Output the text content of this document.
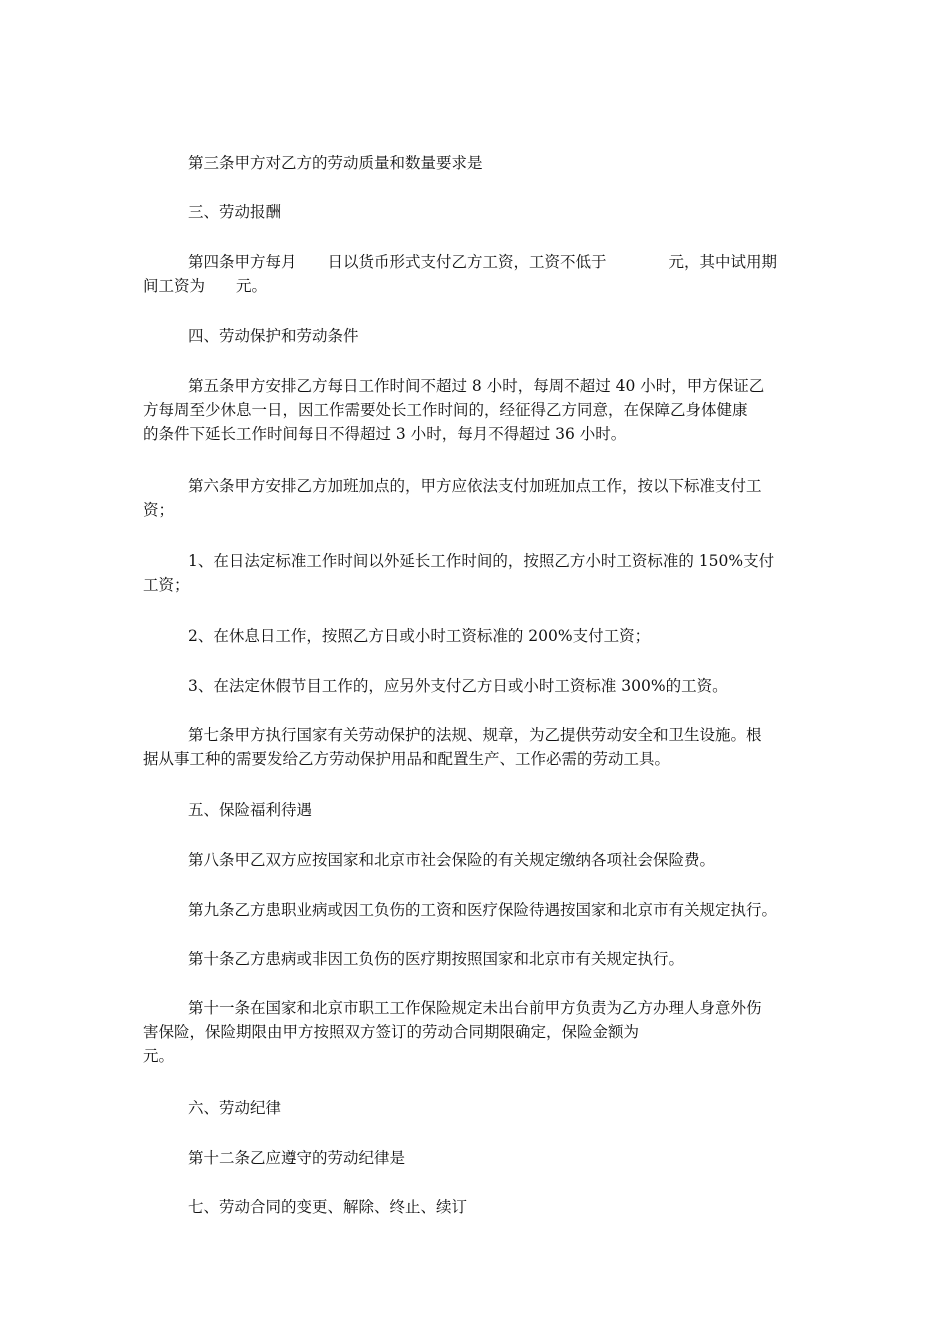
第三条甲方对乙方的劳动质量和数量要求是
三、劳动报酬
第四条甲方每月　　日以货币形式支付乙方工资，工资不低于　　　　元，其中试用期
间工资为　　元。
四、劳动保护和劳动条件
第五条甲方安排乙方每日工作时间不超过 8 小时，每周不超过 40 小时，甲方保证乙
方每周至少休息一日，因工作需要处长工作时间的，经征得乙方同意，在保障乙身体健康
的条件下延长工作时间每日不得超过 3 小时，每月不得超过 36 小时。
第六条甲方安排乙方加班加点的，甲方应依法支付加班加点工作，按以下标准支付工
资；
1、在日法定标准工作时间以外延长工作时间的，按照乙方小时工资标准的 150%支付
工资；
2、在休息日工作，按照乙方日或小时工资标准的 200%支付工资；
3、在法定休假节目工作的，应另外支付乙方日或小时工资标准 300%的工资。
第七条甲方执行国家有关劳动保护的法规、规章，为乙提供劳动安全和卫生设施。根
据从事工种的需要发给乙方劳动保护用品和配置生产、工作必需的劳动工具。
五、保险福利待遇
第八条甲乙双方应按国家和北京市社会保险的有关规定缴纳各项社会保险费。
第九条乙方患职业病或因工负伤的工资和医疗保险待遇按国家和北京市有关规定执行。
第十条乙方患病或非因工负伤的医疗期按照国家和北京市有关规定执行。
第十一条在国家和北京市职工工作保险规定未出台前甲方负责为乙方办理人身意外伤
害保险，保险期限由甲方按照双方签订的劳动合同期限确定，保险金额为
元。
六、劳动纪律
第十二条乙应遵守的劳动纪律是
七、劳动合同的变更、解除、终止、续订
